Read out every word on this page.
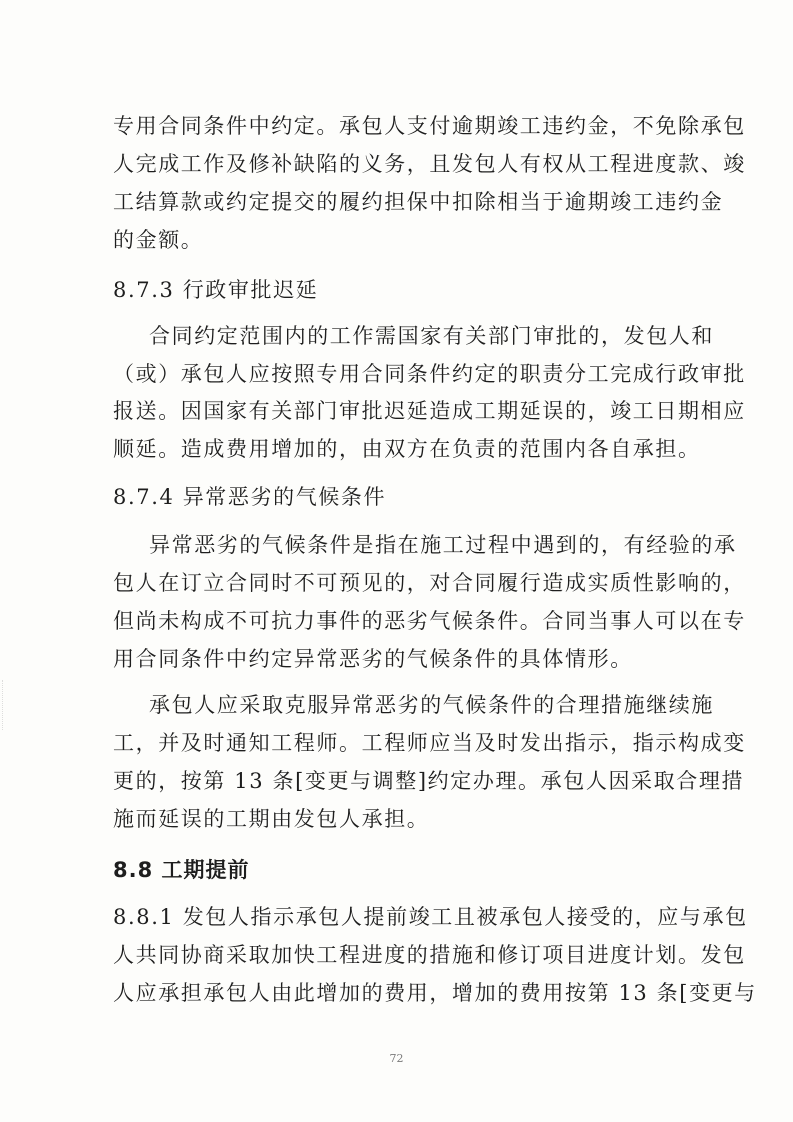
专用合同条件中约定。承包人支付逾期竣工违约金，不免除承包
人完成工作及修补缺陷的义务，且发包人有权从工程进度款、竣
工结算款或约定提交的履约担保中扣除相当于逾期竣工违约金
的金额。
8.7.3 行政审批迟延
合同约定范围内的工作需国家有关部门审批的，发包人和
（或）承包人应按照专用合同条件约定的职责分工完成行政审批
报送。因国家有关部门审批迟延造成工期延误的，竣工日期相应
顺延。造成费用增加的，由双方在负责的范围内各自承担。
8.7.4 异常恶劣的气候条件
异常恶劣的气候条件是指在施工过程中遇到的，有经验的承
包人在订立合同时不可预见的，对合同履行造成实质性影响的，
但尚未构成不可抗力事件的恶劣气候条件。合同当事人可以在专
用合同条件中约定异常恶劣的气候条件的具体情形。
承包人应采取克服异常恶劣的气候条件的合理措施继续施
工，并及时通知工程师。工程师应当及时发出指示，指示构成变
更的，按第 13 条[变更与调整]约定办理。承包人因采取合理措
施而延误的工期由发包人承担。
8.8 工期提前
8.8.1 发包人指示承包人提前竣工且被承包人接受的，应与承包
人共同协商采取加快工程进度的措施和修订项目进度计划。发包
人应承担承包人由此增加的费用，增加的费用按第 13 条[变更与
72
